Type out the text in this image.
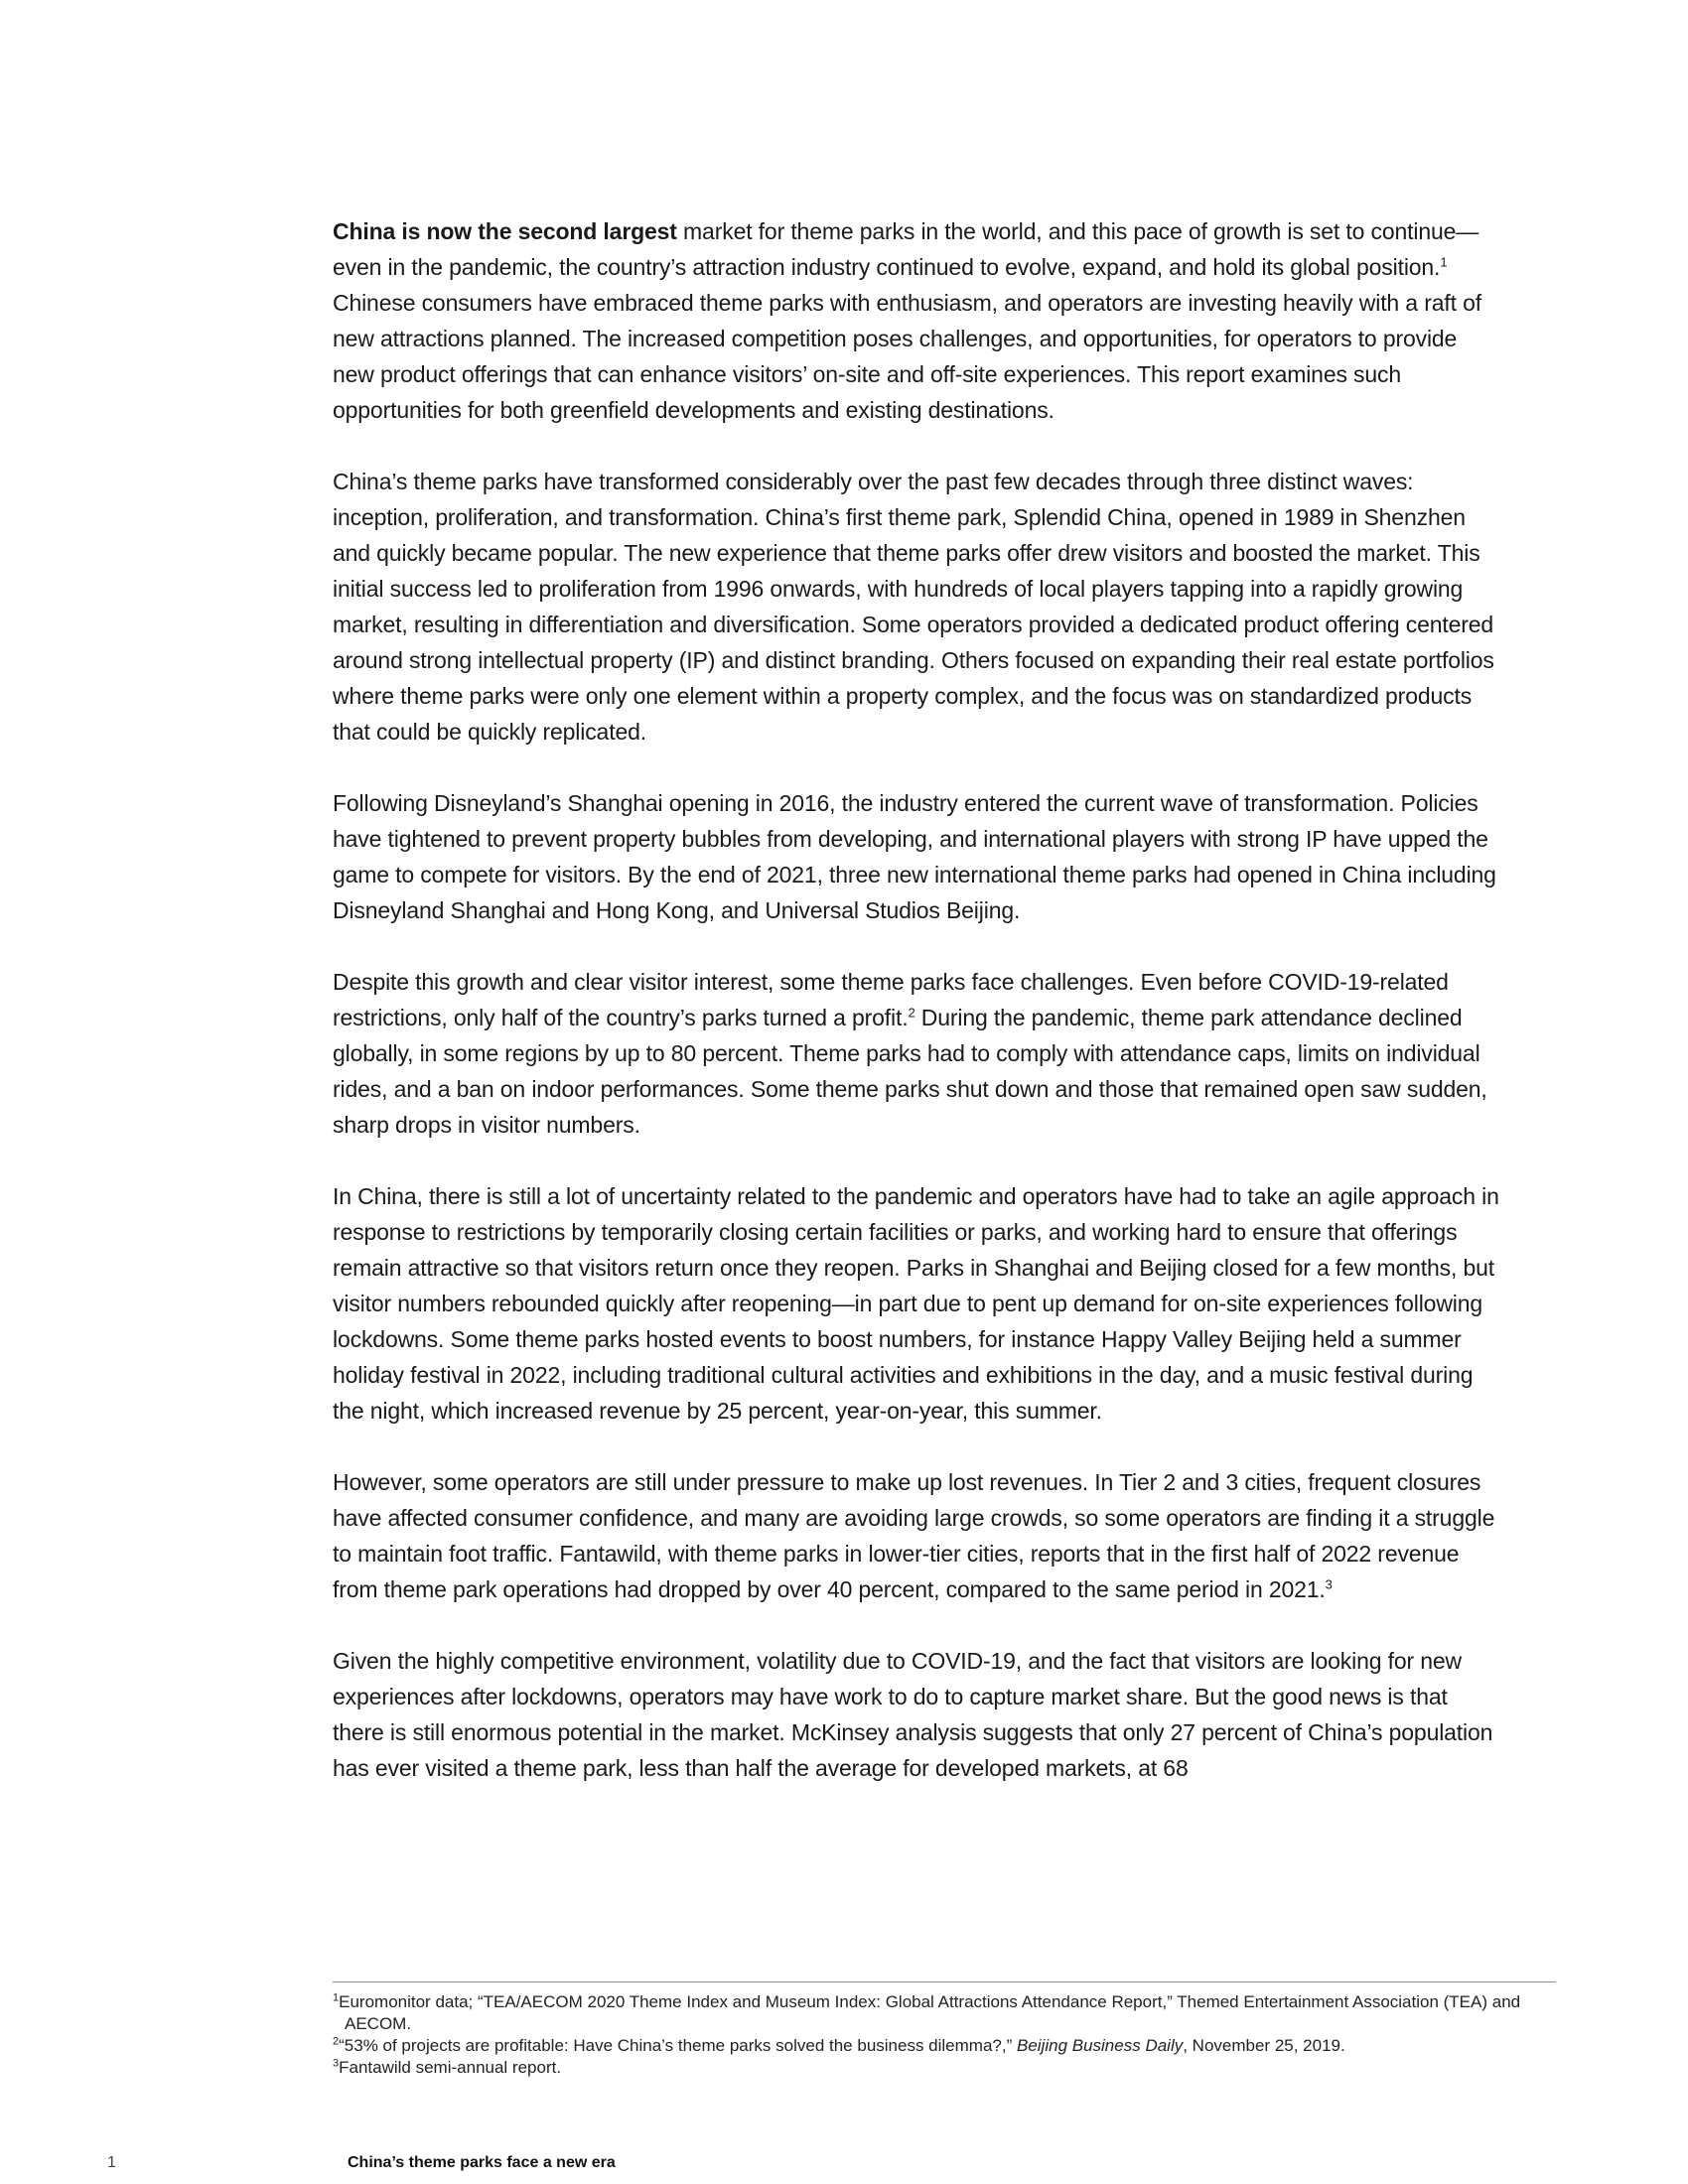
China is now the second largest market for theme parks in the world, and this pace of growth is set to continue—even in the pandemic, the country’s attraction industry continued to evolve, expand, and hold its global position.$^1$ Chinese consumers have embraced theme parks with enthusiasm, and operators are investing heavily with a raft of new attractions planned. The increased competition poses challenges, and opportunities, for operators to provide new product offerings that can enhance visitors’ on-site and off-site experiences. This report examines such opportunities for both greenfield developments and existing destinations.

China’s theme parks have transformed considerably over the past few decades through three distinct waves: inception, proliferation, and transformation. China’s first theme park, Splendid China, opened in 1989 in Shenzhen and quickly became popular. The new experience that theme parks offer drew visitors and boosted the market. This initial success led to proliferation from 1996 onwards, with hundreds of local players tapping into a rapidly growing market, resulting in differentiation and diversification. Some operators provided a dedicated product offering centered around strong intellectual property (IP) and distinct branding. Others focused on expanding their real estate portfolios where theme parks were only one element within a property complex, and the focus was on standardized products that could be quickly replicated.

Following Disneyland’s Shanghai opening in 2016, the industry entered the current wave of transformation. Policies have tightened to prevent property bubbles from developing, and international players with strong IP have upped the game to compete for visitors. By the end of 2021, three new international theme parks had opened in China including Disneyland Shanghai and Hong Kong, and Universal Studios Beijing.

Despite this growth and clear visitor interest, some theme parks face challenges. Even before COVID-19-related restrictions, only half of the country’s parks turned a profit.$^2$ During the pandemic, theme park attendance declined globally, in some regions by up to 80 percent. Theme parks had to comply with attendance caps, limits on individual rides, and a ban on indoor performances. Some theme parks shut down and those that remained open saw sudden, sharp drops in visitor numbers.

In China, there is still a lot of uncertainty related to the pandemic and operators have had to take an agile approach in response to restrictions by temporarily closing certain facilities or parks, and working hard to ensure that offerings remain attractive so that visitors return once they reopen. Parks in Shanghai and Beijing closed for a few months, but visitor numbers rebounded quickly after reopening—in part due to pent up demand for on-site experiences following lockdowns. Some theme parks hosted events to boost numbers, for instance Happy Valley Beijing held a summer holiday festival in 2022, including traditional cultural activities and exhibitions in the day, and a music festival during the night, which increased revenue by 25 percent, year-on-year, this summer.

However, some operators are still under pressure to make up lost revenues. In Tier 2 and 3 cities, frequent closures have affected consumer confidence, and many are avoiding large crowds, so some operators are finding it a struggle to maintain foot traffic. Fantawild, with theme parks in lower-tier cities, reports that in the first half of 2022 revenue from theme park operations had dropped by over 40 percent, compared to the same period in 2021.$^3$

Given the highly competitive environment, volatility due to COVID-19, and the fact that visitors are looking for new experiences after lockdowns, operators may have work to do to capture market share. But the good news is that there is still enormous potential in the market. McKinsey analysis suggests that only 27 percent of China’s population has ever visited a theme park, less than half the average for developed markets, at 68

$^1$Euromonitor data; “TEA/AECOM 2020 Theme Index and Museum Index: Global Attractions Attendance Report,” Themed Entertainment Association (TEA) and AECOM.

$^2$“53% of projects are profitable: Have China’s theme parks solved the business dilemma?,” Beijing Business Daily, November 25, 2019.

$^3$Fantawild semi-annual report.

1	China’s theme parks face a new era
